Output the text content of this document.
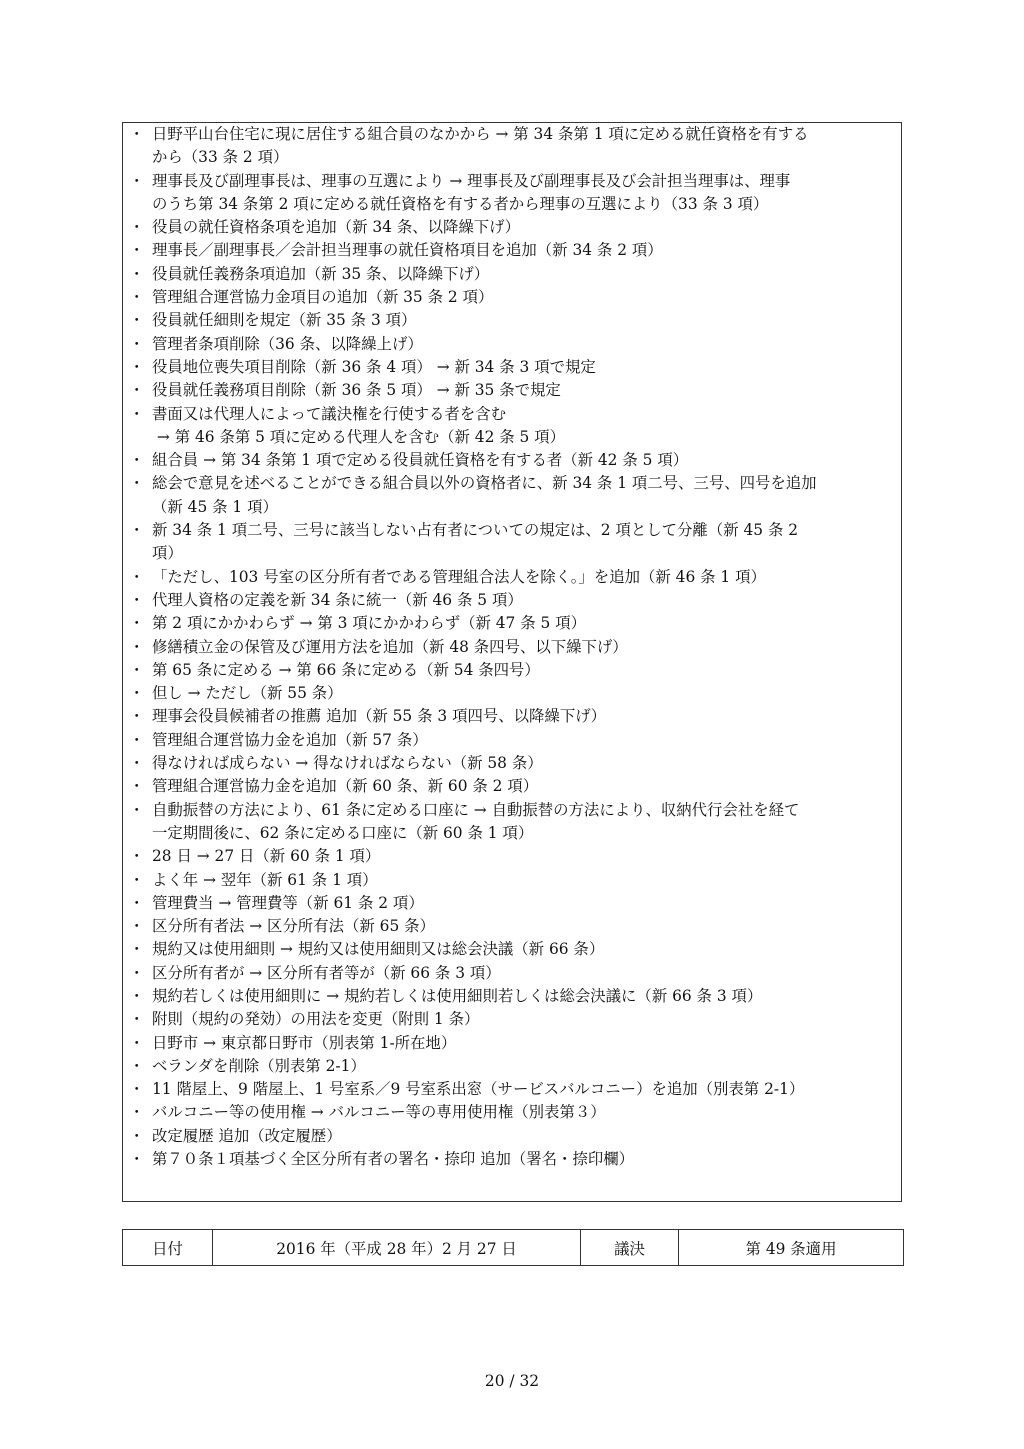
・ 日野平山台住宅に現に居住する組合員のなかから → 第 34 条第 1 項に定める就任資格を有する
から（33 条 2 項）
・ 理事長及び副理事長は、理事の互選により → 理事長及び副理事長及び会計担当理事は、理事
のうち第 34 条第 2 項に定める就任資格を有する者から理事の互選により（33 条 3 項）
・ 役員の就任資格条項を追加（新 34 条、以降繰下げ）
・ 理事長／副理事長／会計担当理事の就任資格項目を追加（新 34 条 2 項）
・ 役員就任義務条項追加（新 35 条、以降繰下げ）
・ 管理組合運営協力金項目の追加（新 35 条 2 項）
・ 役員就任細則を規定（新 35 条 3 項）
・ 管理者条項削除（36 条、以降繰上げ）
・ 役員地位喪失項目削除（新 36 条 4 項） → 新 34 条 3 項で規定
・ 役員就任義務項目削除（新 36 条 5 項） → 新 35 条で規定
・ 書面又は代理人によって議決権を行使する者を含む
→ 第 46 条第 5 項に定める代理人を含む（新 42 条 5 項）
・ 組合員 → 第 34 条第 1 項で定める役員就任資格を有する者（新 42 条 5 項）
・ 総会で意見を述べることができる組合員以外の資格者に、新 34 条 1 項二号、三号、四号を追加
（新 45 条 1 項）
・ 新 34 条 1 項二号、三号に該当しない占有者についての規定は、2 項として分離（新 45 条 2
項）
・ 「ただし、103 号室の区分所有者である管理組合法人を除く。」を追加（新 46 条 1 項）
・ 代理人資格の定義を新 34 条に統一（新 46 条 5 項）
・ 第 2 項にかかわらず → 第 3 項にかかわらず（新 47 条 5 項）
・ 修繕積立金の保管及び運用方法を追加（新 48 条四号、以下繰下げ）
・ 第 65 条に定める → 第 66 条に定める（新 54 条四号）
・ 但し → ただし（新 55 条）
・ 理事会役員候補者の推薦 追加（新 55 条 3 項四号、以降繰下げ）
・ 管理組合運営協力金を追加（新 57 条）
・ 得なければ成らない → 得なければならない（新 58 条）
・ 管理組合運営協力金を追加（新 60 条、新 60 条 2 項）
・ 自動振替の方法により、61 条に定める口座に → 自動振替の方法により、収納代行会社を経て
一定期間後に、62 条に定める口座に（新 60 条 1 項）
・ 28 日 → 27 日（新 60 条 1 項）
・ よく年 → 翌年（新 61 条 1 項）
・ 管理費当 → 管理費等（新 61 条 2 項）
・ 区分所有者法 → 区分所有法（新 65 条）
・ 規約又は使用細則 → 規約又は使用細則又は総会決議（新 66 条）
・ 区分所有者が → 区分所有者等が（新 66 条 3 項）
・ 規約若しくは使用細則に → 規約若しくは使用細則若しくは総会決議に（新 66 条 3 項）
・ 附則（規約の発効）の用法を変更（附則 1 条）
・ 日野市 → 東京都日野市（別表第 1-所在地）
・ ベランダを削除（別表第 2-1）
・ 11 階屋上、9 階屋上、1 号室系／9 号室系出窓（サービスバルコニー）を追加（別表第 2-1）
・ バルコニー等の使用権 → バルコニー等の専用使用権（別表第３）
・ 改定履歴 追加（改定履歴）
・ 第７０条１項基づく全区分所有者の署名・捺印 追加（署名・捺印欄）
日付	2016 年（平成 28 年）2 月 27 日	議決	第 49 条適用
20 / 32
